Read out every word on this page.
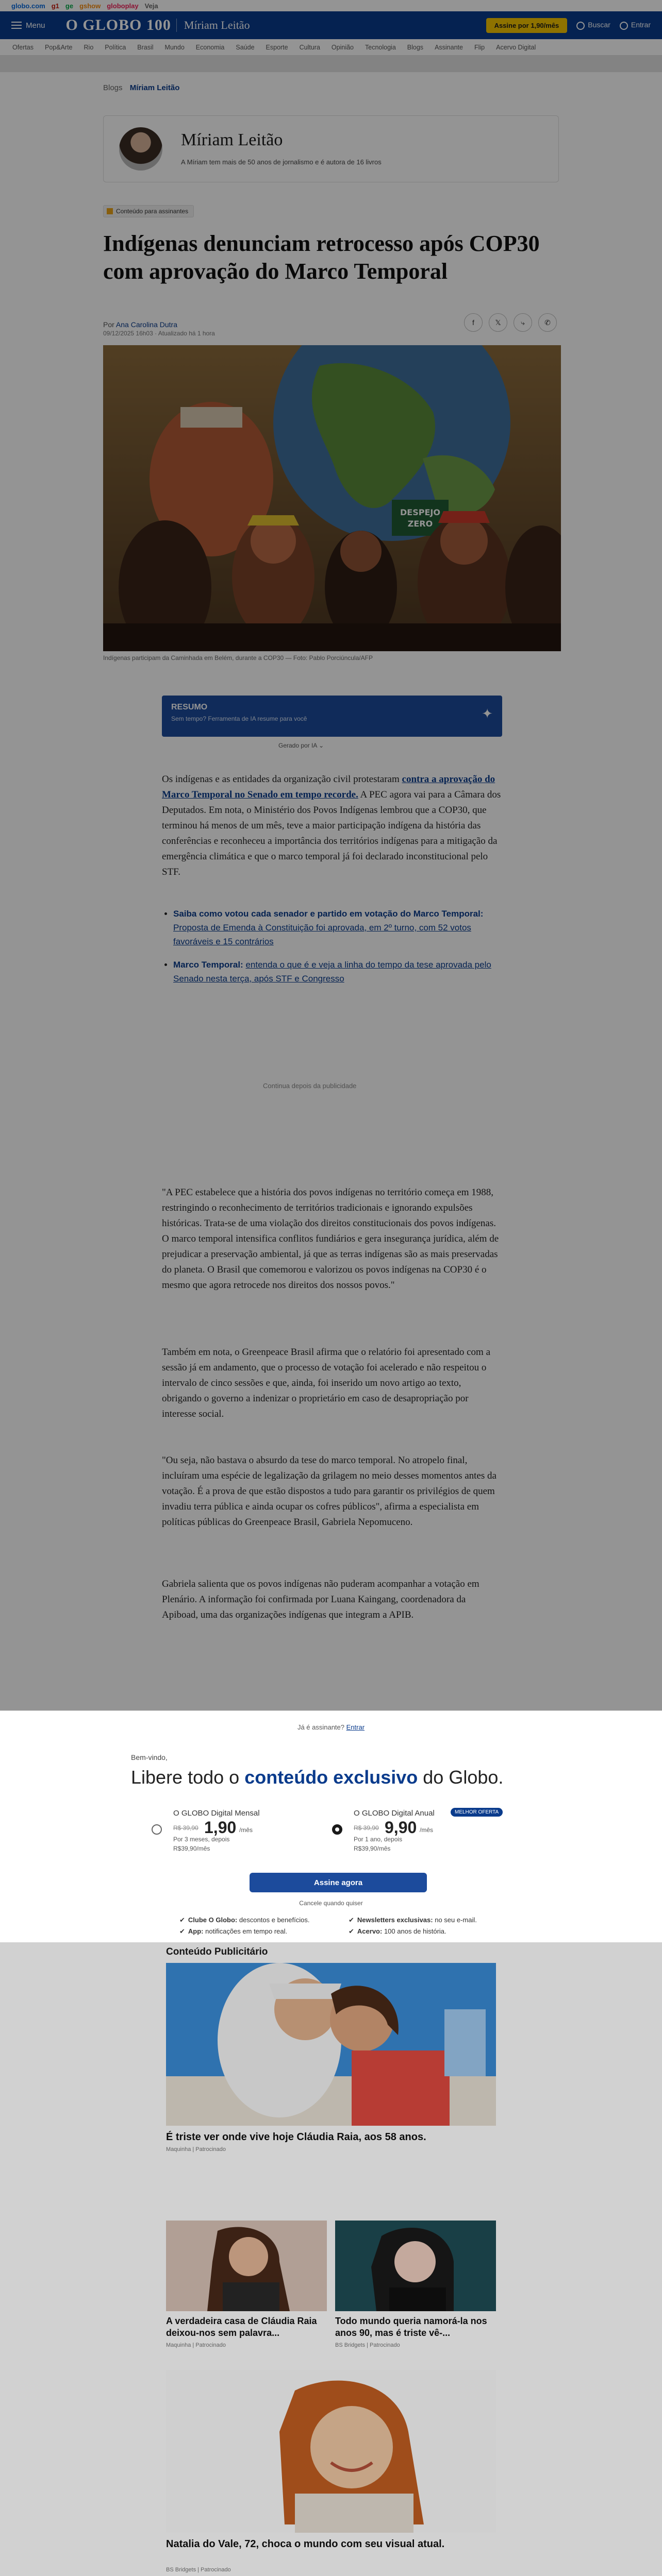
globo.com g1 ge gshow globoplay Veja
Menu O GLOBO 100	Míriam Leitão	Assine por 1,90/mês	Buscar	Entrar
Ofertas Pop&Arte Rio Política Brasil Mundo Economia Saúde Esporte Cultura Opinião Tecnologia Blogs Assinante Flip Acervo Digital
Blogs Míriam Leitão
Míriam Leitão
A Míriam tem mais de 50 anos de jornalismo e é autora de 16 livros
Conteúdo para assinantes
Indígenas denunciam retrocesso após COP30 com aprovação do Marco Temporal
Por Ana Carolina Dutra
09/12/2025 16h03 · Atualizado há 1 hora
f	𝕏	⤷	✆
DESPEJO
ZERO
Indígenas participam da Caminhada em Belém, durante a COP30 — Foto: Pablo Porciúncula/AFP
RESUMO
Sem tempo? Ferramenta de IA resume para você	✦
Gerado por IA ⌄

Os indígenas e as entidades da organização civil protestaram contra a aprovação do Marco Temporal no Senado em tempo recorde. A PEC agora vai para a Câmara dos Deputados. Em nota, o Ministério dos Povos Indígenas lembrou que a COP30, que terminou há menos de um mês, teve a maior participação indígena da história das conferências e reconheceu a importância dos territórios indígenas para a mitigação da emergência climática e que o marco temporal já foi declarado inconstitucional pelo STF.

• Saiba como votou cada senador e partido em votação do Marco Temporal: Proposta de Emenda à Constituição foi aprovada, em 2º turno, com 52 votos favoráveis e 15 contrários
• Marco Temporal: entenda o que é e veja a linha do tempo da tese aprovada pelo Senado nesta terça, após STF e Congresso
Continua depois da publicidade

"A PEC estabelece que a história dos povos indígenas no território começa em 1988, restringindo o reconhecimento de territórios tradicionais e ignorando expulsões históricas. Trata-se de uma violação dos direitos constitucionais dos povos indígenas. O marco temporal intensifica conflitos fundiários e gera insegurança jurídica, além de prejudicar a preservação ambiental, já que as terras indígenas são as mais preservadas do planeta. O Brasil que comemorou e valorizou os povos indígenas na COP30 é o mesmo que agora retrocede nos direitos dos nossos povos."

Também em nota, o Greenpeace Brasil afirma que o relatório foi apresentado com a sessão já em andamento, que o processo de votação foi acelerado e não respeitou o intervalo de cinco sessões e que, ainda, foi inserido um novo artigo ao texto, obrigando o governo a indenizar o proprietário em caso de desapropriação por interesse social.

"Ou seja, não bastava o absurdo da tese do marco temporal. No atropelo final, incluíram uma espécie de legalização da grilagem no meio desses momentos antes da votação. É a prova de que estão dispostos a tudo para garantir os privilégios de quem invadiu terra pública e ainda ocupar os cofres públicos", afirma a especialista em políticas públicas do Greenpeace Brasil, Gabriela Nepomuceno.

Gabriela salienta que os povos indígenas não puderam acompanhar a votação em Plenário. A informação foi confirmada por Luana Kaingang, coordenadora da Apiboad, uma das organizações indígenas que integram a APIB.

Já é assinante? Entrar
Bem-vindo,
Libere todo o conteúdo exclusivo do Globo.
O GLOBO Digital Mensal
R$ 39,90 1,90 /mês
Por 3 meses, depois
R$39,90/mês
O GLOBO Digital Anual	MELHOR OFERTA
R$ 39,90 9,90 /mês
Por 1 ano, depois
R$39,90/mês
Assine agora
Cancele quando quiser
✔ Clube O Globo: descontos e benefícios.	✔ Newsletters exclusivas: no seu e-mail.
✔ App: notificações em tempo real.	✔ Acervo: 100 anos de história.
Conteúdo Publicitário
É triste ver onde vive hoje Cláudia Raia, aos 58 anos.
Maquinha | Patrocinado
A verdadeira casa de Cláudia Raia deixou-nos sem palavra...
Maquinha | Patrocinado
Todo mundo queria namorá-la nos anos 90, mas é triste vê-...
BS Bridgets | Patrocinado
Natalia do Vale, 72, choca o mundo com seu visual atual.
BS Bridgets | Patrocinado
